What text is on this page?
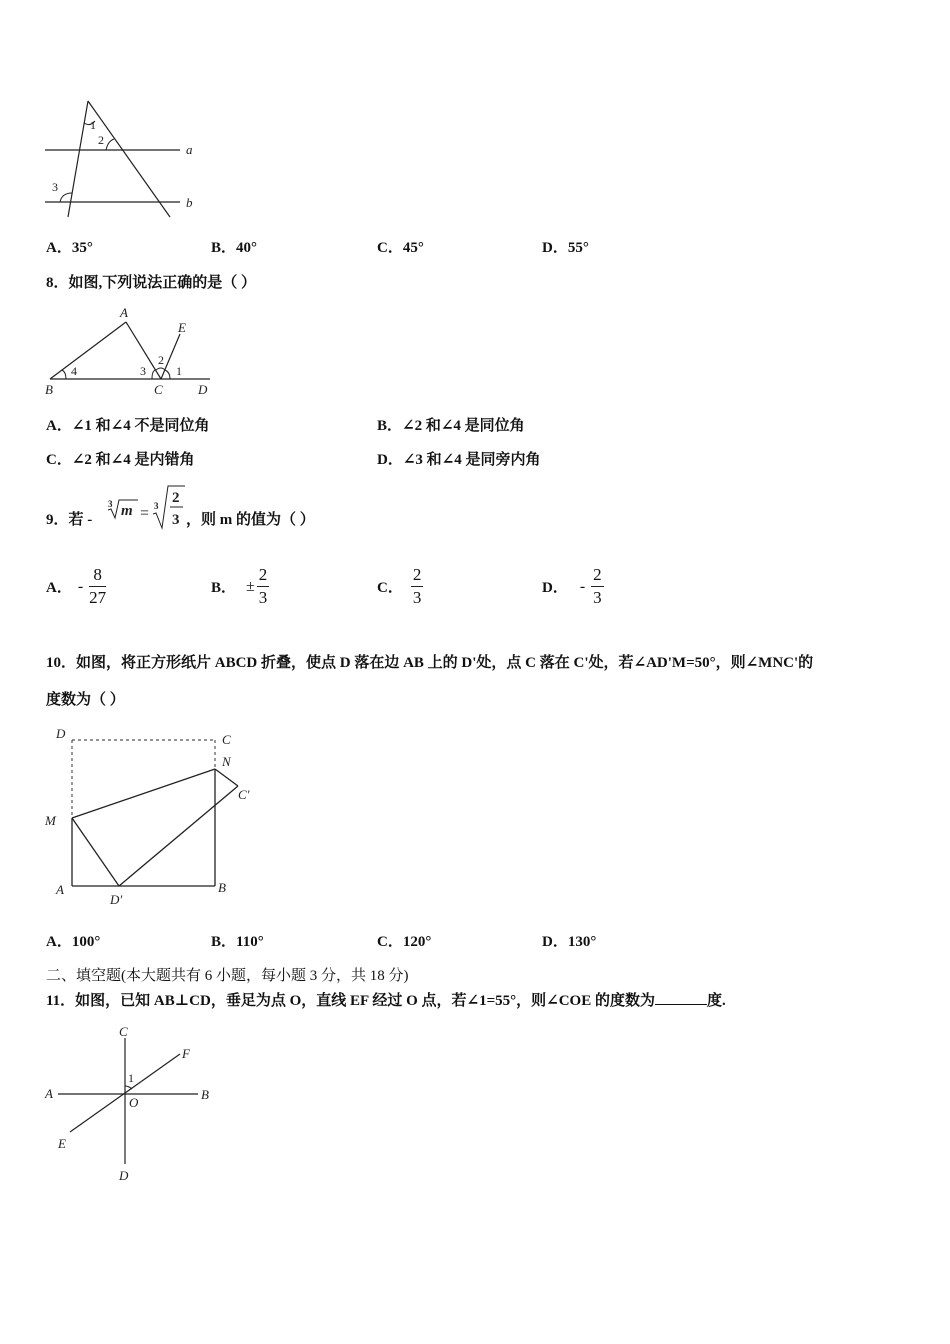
1
2
3
a
b
A．35°	B．40°	C．45°	D．55°
8．如图,下列说法正确的是（ ）
A
B	C	D
E
1
2
3
4
A．∠1 和∠4 不是同位角	B．∠2 和∠4 是同位角
C．∠2 和∠4 是内错角	D．∠3 和∠4 是同旁内角
9．若 -
3 m = 3 2
3 ，则 m 的值为（ ）
A． - $\frac{8}{27}$	B． ± $\frac{2}{3}$	C． $\frac{2}{3}$	D． - $\frac{2}{3}$
10．如图，将正方形纸片 ABCD 折叠，使点 D 落在边 AB 上的 D'处，点 C 落在 C'处，若∠AD'M=50°，则∠MNC'的
度数为（ ）
D	C
N
C′
M
A	B
D′
A．100°	B．110°	C．120°	D．130°
二、填空题(本大题共有 6 小题，每小题 3 分，共 18 分)
11．如图，已知 AB⊥CD，垂足为点 O，直线 EF 经过 O 点，若∠1=55°，则∠COE 的度数为	度.
C
F
1
A	B
O
E
D
